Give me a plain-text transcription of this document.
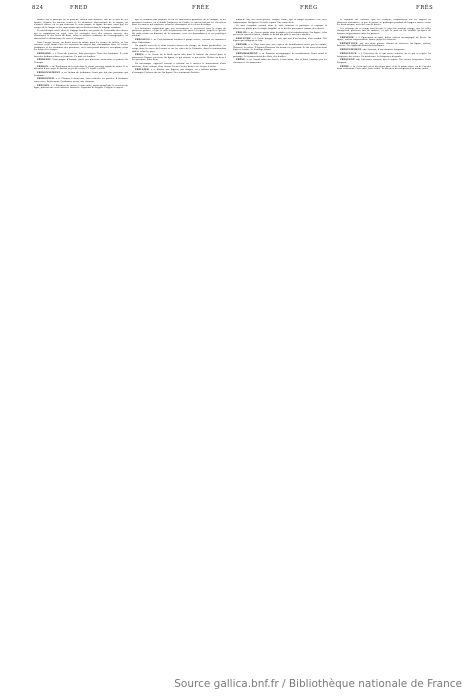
824	FRED	FRÉE	FRÉG	FRÊS

formes sur le principe de la planche, ancien mot français, tiré de la mot de ses formes, d'après les anciens textes et les dernières observations de la langue, ou d'autres choses en ce qui concerne le sens propre et figuré du mot, ainsi que les usages de la langue et les expressions qui en dérivent dans le langage commun.

Le mot désigne aussi, dans le langage familier, une partie de l'ensemble des choses qui se rapportent au sujet, avec les exemples tirés des anciens auteurs, des chroniques et des livres de droit, selon la manière ordinaire des lexicographes, en observant les distinctions de sens et d'emploi.

Dans l'usage ancien, on disait aussi de même pour les termes de métier, et l'on retrouve cette forme chez les écrivains du moyen âge, notamment dans les textes juridiques et les coutumes des provinces, où le mot prend diverses acceptions selon les lieux et les temps.

FREDAINE. s. f. Écart de jeunesse, folie passagère. Faire des fredaines. Il a fait bien des fredaines dans sa jeunesse. Ce mot est familier.

FREDERIC. Nom propre d'homme, porté par plusieurs souverains et princes de l'Europe.

FREDON. s. m. Roulement de la voix dans le chant, passage rapide de notes. Il se dit aussi d'une sorte de brelan au jeu de cartes. Ce terme a vieilli.

FREDONNEMENT. s. m. Action de fredonner; bruit que fait une personne qui fredonne.

FREDONNER. v. n. Chanter à demi-voix, sans articuler les paroles. Il fredonne sans cesse. Activement: Fredonner un air, une chanson.

FRÉGATE. s. f. Bâtiment de guerre à trois mâts, moins grand que le vaisseau de ligne, portant une seule batterie couverte. Capitaine de frégate. Frégate à vapeur.

que ce chapitre pût contenir en lui les différentes provinces de la Pologne, et les provinces voisines, où s'étendit l'influence de l'ordre; ce qui fut fait par les chevaliers dans les années qui suivirent, selon les chroniques et les actes du temps.

Les historiens rapportent que ces événements se passèrent sous le règne de plusieurs princes, et que la ville fut plusieurs fois prise et reprise, jusqu'à ce qu'elle fût enfin réunie au domaine de la couronne, avec ses dépendances et ses privilèges anciens.

FRÉGATON. s. m. Petit bâtiment vénitien à poupe carrée, servant au commerce dans l'Adriatique.

On appelle aussi de ce nom certains navires de charge, de forme particulière, en usage dans les mers du Levant et sur les côtes de la Dalmatie, dont la construction diffère selon les pays.

FREIN. s. m. Partie de la bride qu'on met dans la bouche du cheval pour le gouverner. Ronger son frein. Au figuré, ce qui retient, ce qui arrête. Mettre un frein à ses passions. Sans frein.

En mécanique, appareil servant à ralentir ou à arrêter le mouvement d'une machine, d'une voiture, d'un convoi. Frein à levier, frein à vis. Serrer le frein.

FRELATER. v. a. Altérer une liqueur, une drogue, en y mêlant quelque chose d'étranger. Frelater du vin. Au figuré: Des sentiments frelatés.

FRÊLE. adj. des deux genres. Fragile, faible, qui se rompt aisément. Une frêle embarcation. Au figuré: Un frêle espoir. Une santé frêle.

Ce mot s'emploie surtout dans le style soutenu et poétique; il exprime la délicatesse plutôt que la simple fragilité, et se dit des personnes comme des choses.

FRELON. s. m. Grosse guêpe dont la piqûre est très-douloureuse. Au figuré, celui qui vit du travail d'autrui, comme le frelon qui pille le miel des abeilles.

FRELUCHE. s. f. Petite houppe de soie qui sort d'un bouton, d'un cordon. Fils légers qui voltigent en l'air.

FRÉMIR. v. n. Être ému avec une espèce de tremblement causé par la crainte, l'horreur, la colère. Il frémit d'horreur. On frémit en y pensant. Se dit aussi d'un bruit léger et confus: Le feuillage frémit.

FRÉMISSEMENT. s. m. Émotion accompagnée de tremblement. Bruit sourd et prolongé. Le frémissement des flots, des feuilles.

FRÊNE. s. m. Grand arbre des forêts, à bois blanc, dur et liant, employé par les charrons et les tourneurs.

se répandit sur l'histoire, que les Français l'emportaient sur les Anglais en plusieurs rencontres, et que la guerre se prolongea pendant de longues années entre les deux nations, avec des succès divers.

Les relations de ce temps font foi que le pays fut souvent ravagé, que les villes changèrent plusieurs fois de maîtres, et que la paix ne fut rétablie qu'après de longues négociations entre les princes.

FRÉNÉSIE. s. f. Égarement d'esprit, délire violent accompagné de fièvre. Au figuré, violent emportement. Aimer jusqu'à la frénésie.

FRÉNÉTIQUE. adj. des deux genres. Atteint de frénésie. Au figuré, violent, forcené. Des applaudissements frénétiques.

FRÉQUEMMENT. adv. Souvent, d'une manière fréquente.

FRÉQUENCE. s. f. Caractère de ce qui arrive souvent, de ce qui se répète. La fréquence des visites. En médecine: La fréquence du pouls.

FRÉQUENT. adj. Qui arrive souvent, qui se répète. Des visites fréquentes. Pouls fréquent.

FRÈRE. s. m. Celui qui est né du même père et de la même mère, ou de l'un des deux seulement. Frère aîné, frère cadet. Se dit aussi des religieux d'un même ordre.

Source gallica.bnf.fr / Bibliothèque nationale de France
